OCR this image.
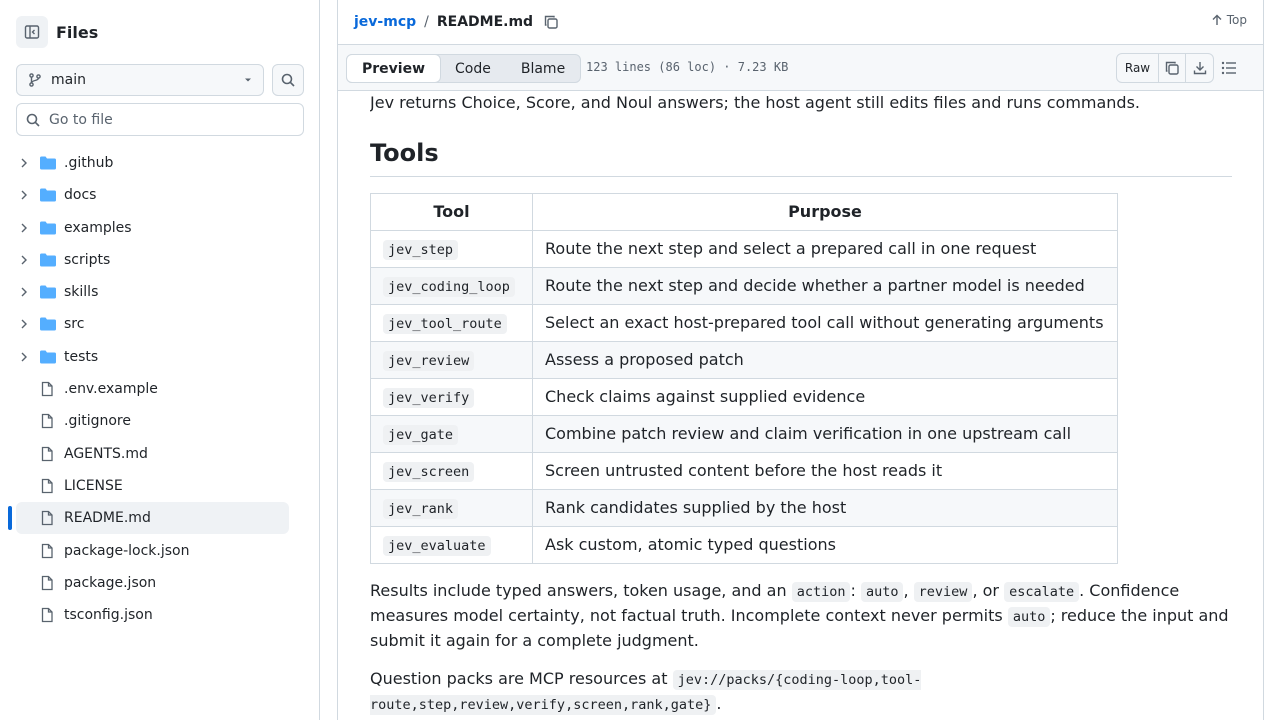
Files
main
Go to file
.github
docs
examples
scripts
skills
src
tests
.env.example
.gitignore
AGENTS.md
LICENSE
README.md
package-lock.json
package.json
tsconfig.json
jev-mcp / README.md	Top
Preview	Code	Blame	123 lines (86 loc) · 7.23 KB	Raw

Jev returns Choice, Score, and Noul answers; the host agent still edits files and runs commands.

Tools
Tool	Purpose
jev_step	Route the next step and select a prepared call in one request
jev_coding_loop	Route the next step and decide whether a partner model is needed
jev_tool_route	Select an exact host-prepared tool call without generating arguments
jev_review	Assess a proposed patch
jev_verify	Check claims against supplied evidence
jev_gate	Combine patch review and claim verification in one upstream call
jev_screen	Screen untrusted content before the host reads it
jev_rank	Rank candidates supplied by the host
jev_evaluate	Ask custom, atomic typed questions

Results include typed answers, token usage, and an action : auto , review , or escalate . Confidence measures model certainty, not factual truth. Incomplete context never permits auto ; reduce the input and submit it again for a complete judgment.

Question packs are MCP resources at jev://packs/{coding-loop,tool-route,step,review,verify,screen,rank,gate} .
